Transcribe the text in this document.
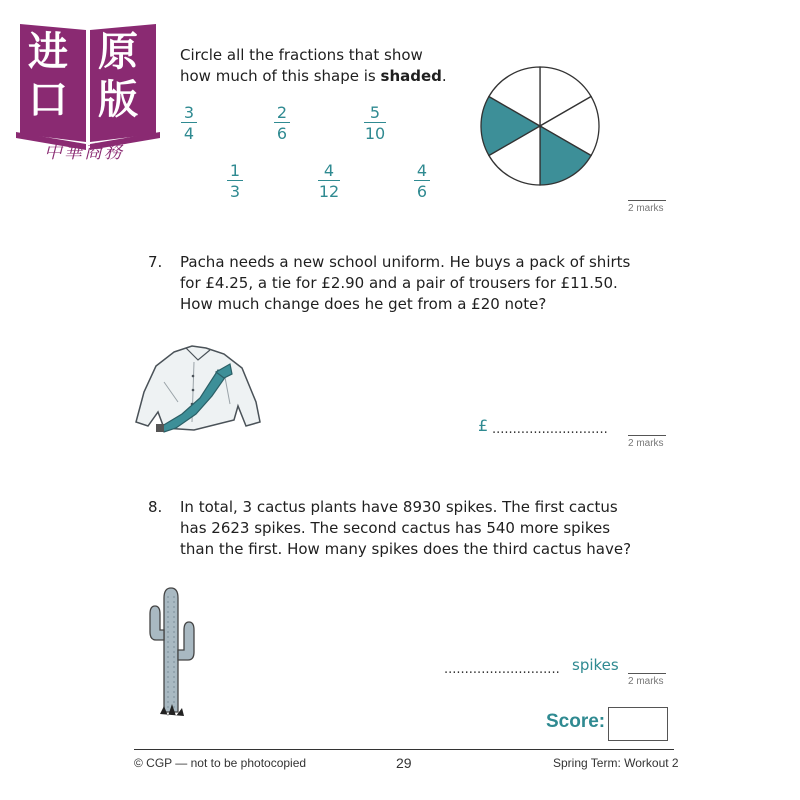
进 原
口 版
中華商務
Circle all the fractions that show
how much of this shape is shaded.
3
4
2
6
5
10
1
3
4
12
4
6
2 marks
7. Pacha needs a new school uniform. He buys a pack of shirts
for £4.25, a tie for £2.90 and a pair of trousers for £11.50.
How much change does he get from a £20 note?
£ ............................
2 marks
8. In total, 3 cactus plants have 8930 spikes. The first cactus
has 2623 spikes. The second cactus has 540 more spikes
than the first. How many spikes does the third cactus have?
............................ spikes
2 marks
Score:
© CGP — not to be photocopied	29	Spring Term: Workout 2
